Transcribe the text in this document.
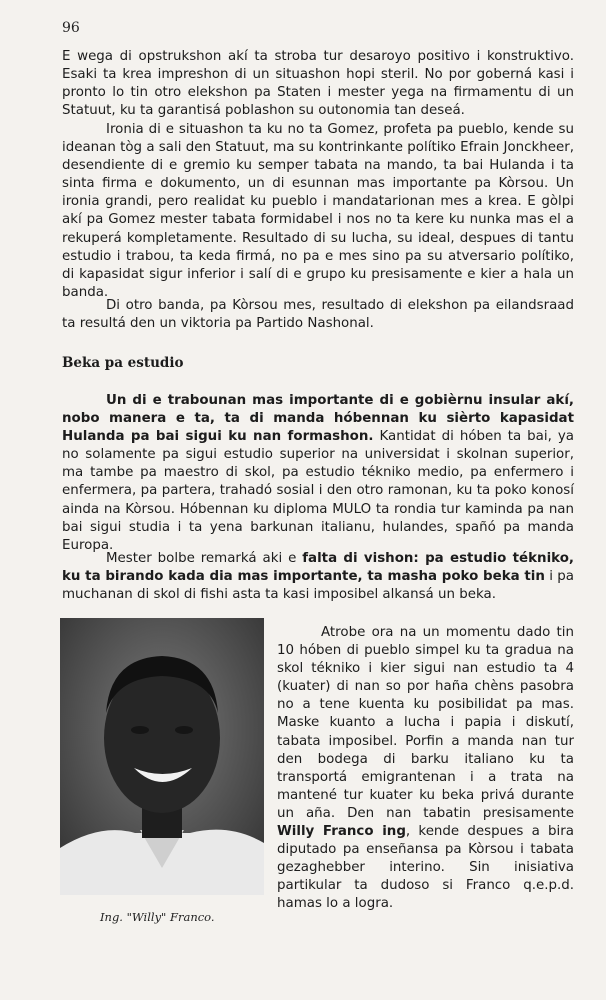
96

E wega di opstrukshon akí ta stroba tur desaroyo positivo i konstruktivo. Esaki ta krea impreshon di un situashon hopi steril. No por goberná kasi i pronto lo tin otro elekshon pa Staten i mester yega na firmamentu di un Statuut, ku ta garantisá poblashon su outonomia tan deseá.

Ironia di e situashon ta ku no ta Gomez, profeta pa pueblo, kende su ideanan tòg a sali den Statuut, ma su kontrinkante polítiko Efrain Jonckheer, desendiente di e gremio ku semper tabata na mando, ta bai Hulanda i ta sinta firma e dokumento, un di esunnan mas importante pa Kòrsou. Un ironia grandi, pero realidat ku pueblo i mandatarionan mes a krea. E gòlpi akí pa Gomez mester tabata formidabel i nos no ta kere ku nunka mas el a rekuperá kompletamente. Resultado di su lucha, su ideal, despues di tantu estudio i trabou, ta keda firmá, no pa e mes sino pa su atversario polítiko, di kapasidat sigur inferior i salí di e grupo ku presisamente e kier a hala un banda.

Di otro banda, pa Kòrsou mes, resultado di elekshon pa eilandsraad ta resultá den un viktoria pa Partido Nashonal.

Beka pa estudio

Un di e trabounan mas importante di e gobièrnu insular akí, nobo manera e ta, ta di manda hóbennan ku sièrto kapasidat Hulanda pa bai sigui ku nan formashon. Kantidat di hóben ta bai, ya no solamente pa sigui estudio superior na universidat i skolnan superior, ma tambe pa maestro di skol, pa estudio tékniko medio, pa enfermero i enfermera, pa partera, trahadó sosial i den otro ramonan, ku ta poko konosí ainda na Kòrsou. Hóbennan ku diploma MULO ta rondia tur kaminda pa nan bai sigui studia i ta yena barkunan italianu, hulandes, spañó pa manda Europa.

Mester bolbe remarká aki e falta di vishon: pa estudio tékniko, ku ta birando kada dia mas importante, ta masha poko beka tin i pa muchanan di skol di fishi asta ta kasi imposibel alkansá un beka.

Atrobe ora na un momentu dado tin 10 hóben di pueblo simpel ku ta gradua na skol tékniko i kier sigui nan estudio ta 4 (kuater) di nan so por haña chèns pasobra no a tene kuenta ku posibilidat pa mas. Maske kuanto a lucha i papia i diskutí, tabata imposibel. Porfin a manda nan tur den bodega di barku italiano ku ta transportá emigrantenan i a trata na mantené tur kuater ku beka privá durante un aña. Den nan tabatin presisamente Willy Franco ing, kende despues a bira diputado pa enseñansa pa Kòrsou i tabata gezaghebber interino. Sin inisiativa partikular ta dudoso si Franco q.e.p.d. hamas lo a logra.

Ing. "Willy" Franco.
